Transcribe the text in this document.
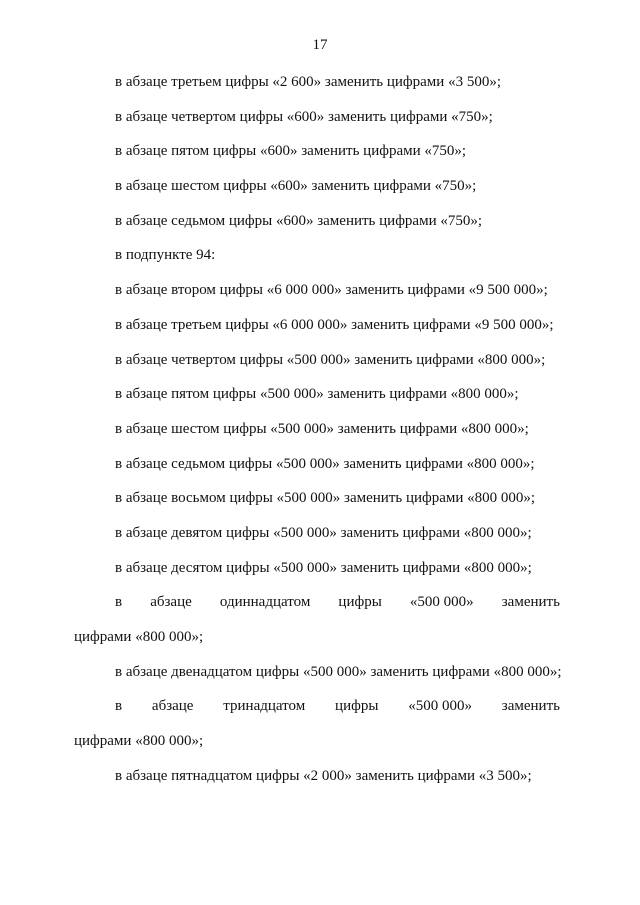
17
в абзаце третьем цифры «2 600» заменить цифрами «3 500»;
в абзаце четвертом цифры «600» заменить цифрами «750»;
в абзаце пятом цифры «600» заменить цифрами «750»;
в абзаце шестом цифры «600» заменить цифрами «750»;
в абзаце седьмом цифры «600» заменить цифрами «750»;
в подпункте 94:
в абзаце втором цифры «6 000 000» заменить цифрами «9 500 000»;
в абзаце третьем цифры «6 000 000» заменить цифрами «9 500 000»;
в абзаце четвертом цифры «500 000» заменить цифрами «800 000»;
в абзаце пятом цифры «500 000» заменить цифрами «800 000»;
в абзаце шестом цифры «500 000» заменить цифрами «800 000»;
в абзаце седьмом цифры «500 000» заменить цифрами «800 000»;
в абзаце восьмом цифры «500 000» заменить цифрами «800 000»;
в абзаце девятом цифры «500 000» заменить цифрами «800 000»;
в абзаце десятом цифры «500 000» заменить цифрами «800 000»;
в абзаце одиннадцатом цифры «500 000» заменить
цифрами «800 000»;
в абзаце двенадцатом цифры «500 000» заменить цифрами «800 000»;
в абзаце тринадцатом цифры «500 000» заменить
цифрами «800 000»;
в абзаце пятнадцатом цифры «2 000» заменить цифрами «3 500»;
